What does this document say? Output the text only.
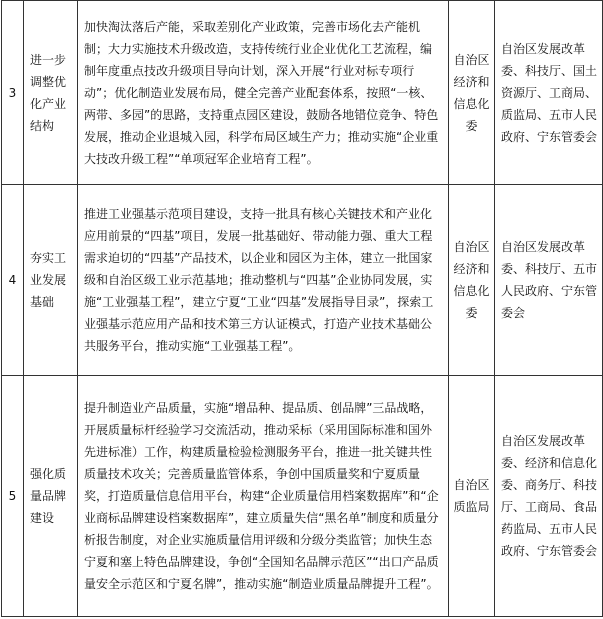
3	进一步调整优化产业结构	加快淘汰落后产能，采取差别化产业政策，完善市场化去产能机制；大力实施技术升级改造，支持传统行业企业优化工艺流程，编制年度重点技改升级项目导向计划，深入开展“行业对标专项行动”；优化制造业发展布局，健全完善产业配套体系，按照“一核、两带、多园”的思路，支持重点园区建设，鼓励各地错位竞争、特色发展，推动企业退城入园，科学布局区域生产力；推动实施“企业重大技改升级工程”“单项冠军企业培育工程”。	自治区经济和信息化委	自治区发展改革委、科技厅、国土资源厅、工商局、质监局、五市人民政府、宁东管委会
4	夯实工业发展基础	推进工业强基示范项目建设，支持一批具有核心关键技术和产业化应用前景的“四基”项目，发展一批基础好、带动能力强、重大工程需求迫切的“四基”产品技术，以企业和园区为主体，建立一批国家级和自治区级工业示范基地；推动整机与“四基”企业协同发展，实施“工业强基工程”，建立宁夏“工业“四基”发展指导目录”，探索工业强基示范应用产品和技术第三方认证模式，打造产业技术基础公共服务平台，推动实施“工业强基工程”。	自治区经济和信息化委	自治区发展改革委、科技厅、五市人民政府、宁东管委会
5	强化质量品牌建设	提升制造业产品质量，实施“增品种、提品质、创品牌”三品战略，开展质量标杆经验学习交流活动，推动采标（采用国际标准和国外先进标准）工作，构建质量检验检测服务平台，推进一批关键共性质量技术攻关；完善质量监管体系，争创中国质量奖和宁夏质量奖，打造质量信息信用平台，构建“企业质量信用档案数据库”和“企业商标品牌建设档案数据库”，建立质量失信“黑名单”制度和质量分析报告制度，对企业实施质量信用评级和分级分类监管；加快生态宁夏和塞上特色品牌建设，争创“全国知名品牌示范区”“出口产品质量安全示范区和宁夏名牌”，推动实施“制造业质量品牌提升工程”。	自治区质监局	自治区发展改革委、经济和信息化委、商务厅、科技厅、工商局、食品药监局、五市人民政府、宁东管委会
